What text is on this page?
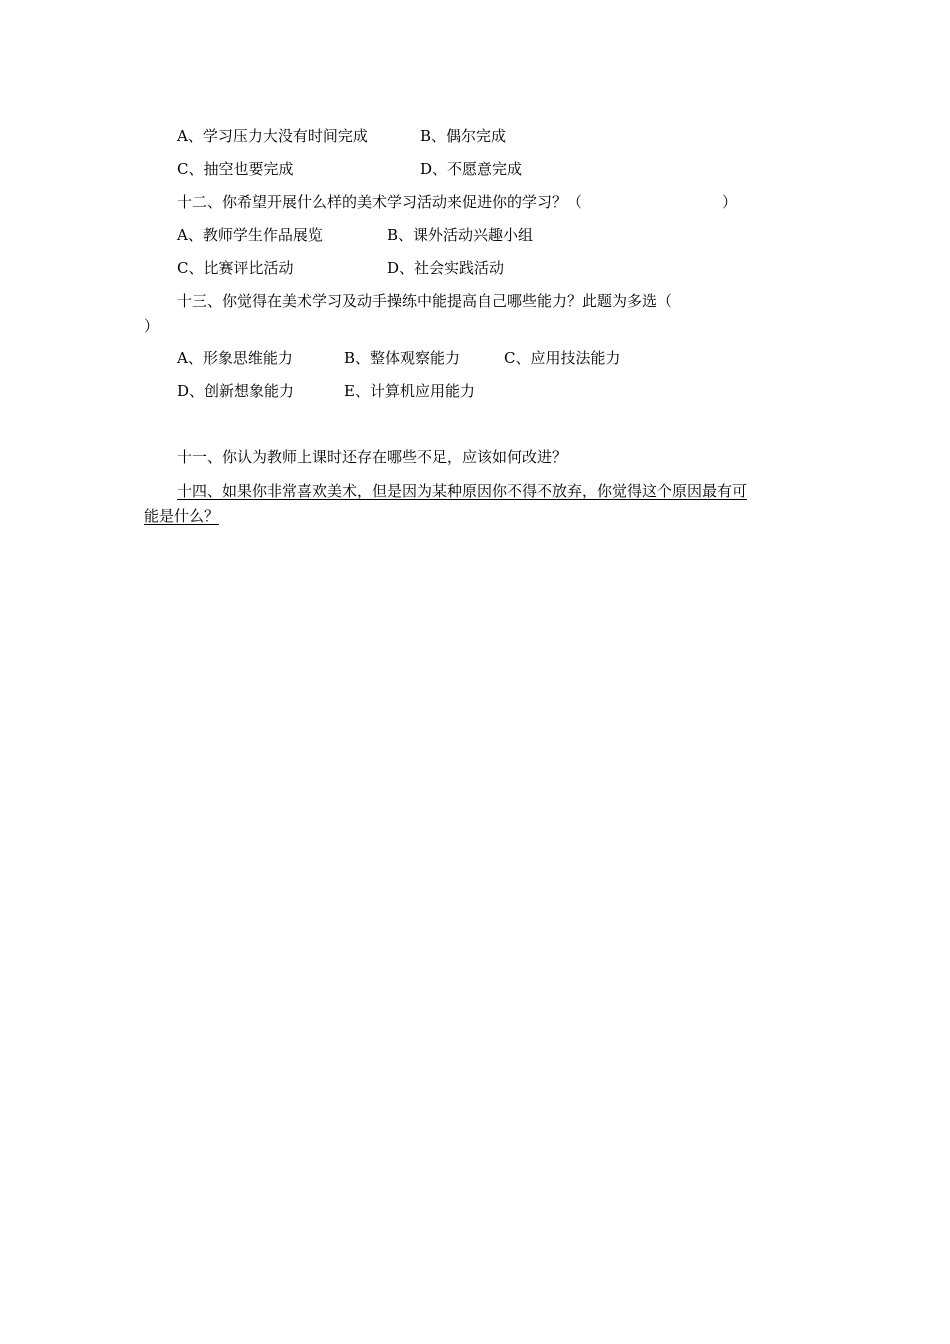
A、学习压力大没有时间完成	B、偶尔完成
C、抽空也要完成	D、不愿意完成
十二、你希望开展什么样的美术学习活动来促进你的学习？（	）
A、教师学生作品展览	B、课外活动兴趣小组
C、比赛评比活动	D、社会实践活动
十三、你觉得在美术学习及动手操练中能提高自己哪些能力？此题为多选（
）
A、形象思维能力	B、整体观察能力	C、应用技法能力
D、创新想象能力	E、计算机应用能力
十一、你认为教师上课时还存在哪些不足，应该如何改进？
十四、如果你非常喜欢美术，但是因为某种原因你不得不放弃，你觉得这个原因最有可
能是什么？
